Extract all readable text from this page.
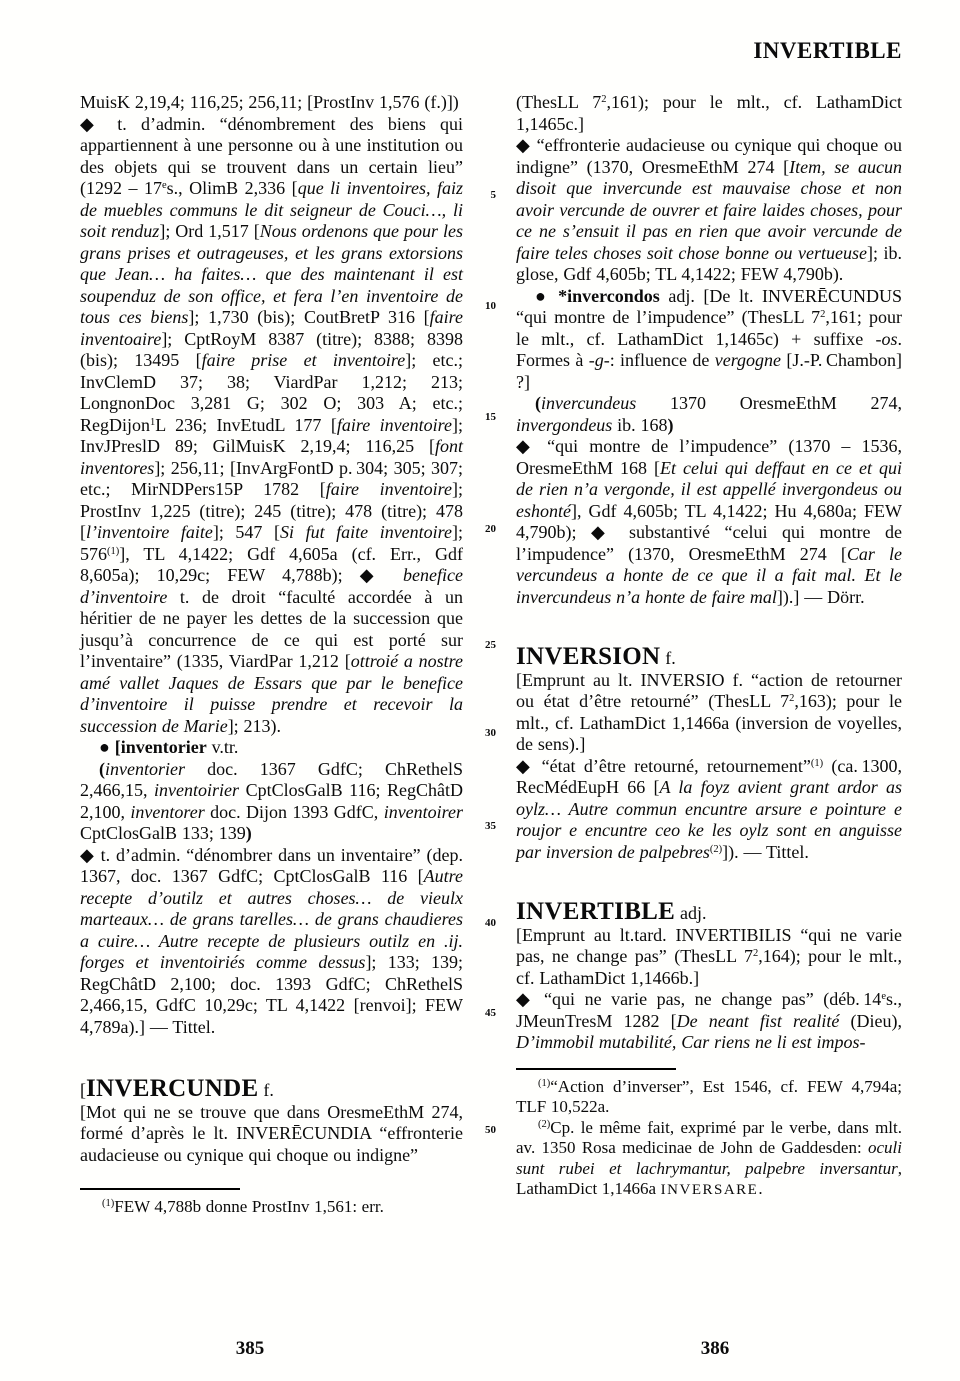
INVERTIBLE

MuisK 2,19,4; 116,25; 256,11; [ProstInv 1,576 (f.)])

◆ t. d’admin. “dénombrement des biens qui appartiennent à une personne ou à une institution ou des objets qui se trouvent dans un certain lieu” (1292 – 17es., OlimB 2,336 [que li inventoires, faiz de muebles communs le dit seigneur de Couci…, li soit renduz]; Ord 1,517 [Nous ordenons que pour les grans prises et outrageuses, et les grans extorsions que Jean… ha faites… que des maintenant il est soupenduz de son office, et fera l’en inventoire de tous ces biens]; 1,730 (bis); CoutBretP 316 [faire inventoaire]; CptRoyM 8387 (titre); 8388; 8398 (bis); 13495 [faire prise et inventoire]; etc.; InvClemD 37; 38; ViardPar 1,212; 213; LongnonDoc 3,281 G; 302 O; 303 A; etc.; RegDijon$^1$L 236; InvEtudL 177 [faire inventoire]; InvJPreslD 89; GilMuisK 2,19,4; 116,25 [font inventores]; 256,11; [InvArgFontD p. 304; 305; 307; etc.; MirNDPers15P 1782 [faire inventoire]; ProstInv 1,225 (titre); 245 (titre); 478 (titre); 478 [l’inventoire faite]; 547 [Si fut faite inventoire]; 576$^{(1)}$], TL 4,1422; Gdf 4,605a (cf. Err., Gdf 8,605a); 10,29c; FEW 4,788b); ◆ benefice d’inventoire t. de droit “faculté accordée à un héritier de ne payer les dettes de la succession que jusqu’à concurrence de ce qui est porté sur l’inventaire” (1335, ViardPar 1,212 [ottroié a nostre amé vallet Jaques de Essars que par le benefice d’inventoire il puisse prendre et recevoir la succession de Marie]; 213).

● [inventorier v.tr.

(inventorier doc. 1367 GdfC; ChRethelS 2,466,15, inventoirier CptClosGalB 116; RegChâtD 2,100, inventorer doc. Dijon 1393 GdfC, inventoirer CptClosGalB 133; 139)

◆ t. d’admin. “dénombrer dans un inventaire” (dep. 1367, doc. 1367 GdfC; CptClosGalB 116 [Autre recepte d’outilz et autres choses… de vieulx marteaux… de grans tarelles… de grans chaudieres a cuire… Autre recepte de plusieurs outilz en .ij. forges et inventoiriés comme dessus]; 133; 139; RegChâtD 2,100; doc. 1393 GdfC; ChRethelS 2,466,15, GdfC 10,29c; TL 4,1422 [renvoi]; FEW 4,789a).] — Tittel.

[INVERCUNDE f.

[Mot qui ne se trouve que dans OresmeEthM 274, formé d’après le lt. INVERĒCUNDIA “effronterie audacieuse ou cynique qui choque ou indigne”

$^{(1)}$FEW 4,788b donne ProstInv 1,561: err.

(ThesLL $7^2,161$); pour le mlt., cf. LathamDict 1,1465c.]

◆ “effronterie audacieuse ou cynique qui choque ou indigne” (1370, OresmeEthM 274 [Item, se aucun disoit que invercunde est mauvaise chose et non avoir vercunde de ouvrer et faire laides choses, pour ce ne s’ensuit il pas en rien que avoir vercunde de faire teles choses soit chose bonne ou vertueuse]; ib. glose, Gdf 4,605b; TL 4,1422; FEW 4,790b).

● *invercondos adj. [De lt. INVERĒCUNDUS “qui montre de l’impudence” (ThesLL $7^2,161$; pour le mlt., cf. LathamDict 1,1465c) + suffixe -os. Formes à -g-: influence de vergogne [J.-P. Chambon] ?]

(invercundeus 1370 OresmeEthM 274, invergondeus ib. 168)

◆ “qui montre de l’impudence” (1370 – 1536, OresmeEthM 168 [Et celui qui deffaut en ce et qui de rien n’a vergonde, il est appellé invergondeus ou eshonté], Gdf 4,605b; TL 4,1422; Hu 4,680a; FEW 4,790b); ◆ substantivé “celui qui montre de l’impudence” (1370, OresmeEthM 274 [Car le vercundeus a honte de ce que il a fait mal. Et le invercundeus n’a honte de faire mal]).] — Dörr.

INVERSION f.

[Emprunt au lt. INVERSIO f. “action de retourner ou état d’être retourné” (ThesLL $7^2,163$); pour le mlt., cf. LathamDict 1,1466a (inversion de voyelles, de sens).]

◆ “état d’être retourné, retournement”$^{(1)}$ (ca. 1300, RecMédEupH 66 [A la foyz avient grant ardor as oylz… Autre commun encuntre arsure e pointure e roujor e encuntre ceo ke les oylz sont en anguisse par inversion de palpebres$^{(2)}$]). — Tittel.

INVERTIBLE adj.

[Emprunt au lt.tard. INVERTIBILIS “qui ne varie pas, ne change pas” (ThesLL $7^2,164$); pour le mlt., cf. LathamDict 1,1466b.]

◆ “qui ne varie pas, ne change pas” (déb. 14es., JMeunTresM 1282 [De neant fist realité (Dieu), D’immobil mutabilité, Car riens ne li est impos-

$^{(1)}$“Action d’inverser”, Est 1546, cf. FEW 4,794a; TLF 10,522a.

$^{(2)}$Cp. le même fait, exprimé par le verbe, dans mlt. av. 1350 Rosa medicinae de John de Gaddesden: oculi sunt rubei et lachrymantur, palpebre inversantur, LathamDict 1,1466a INVERSARE.

5
10
15
20
25
30
35
40
45
50
385	386
